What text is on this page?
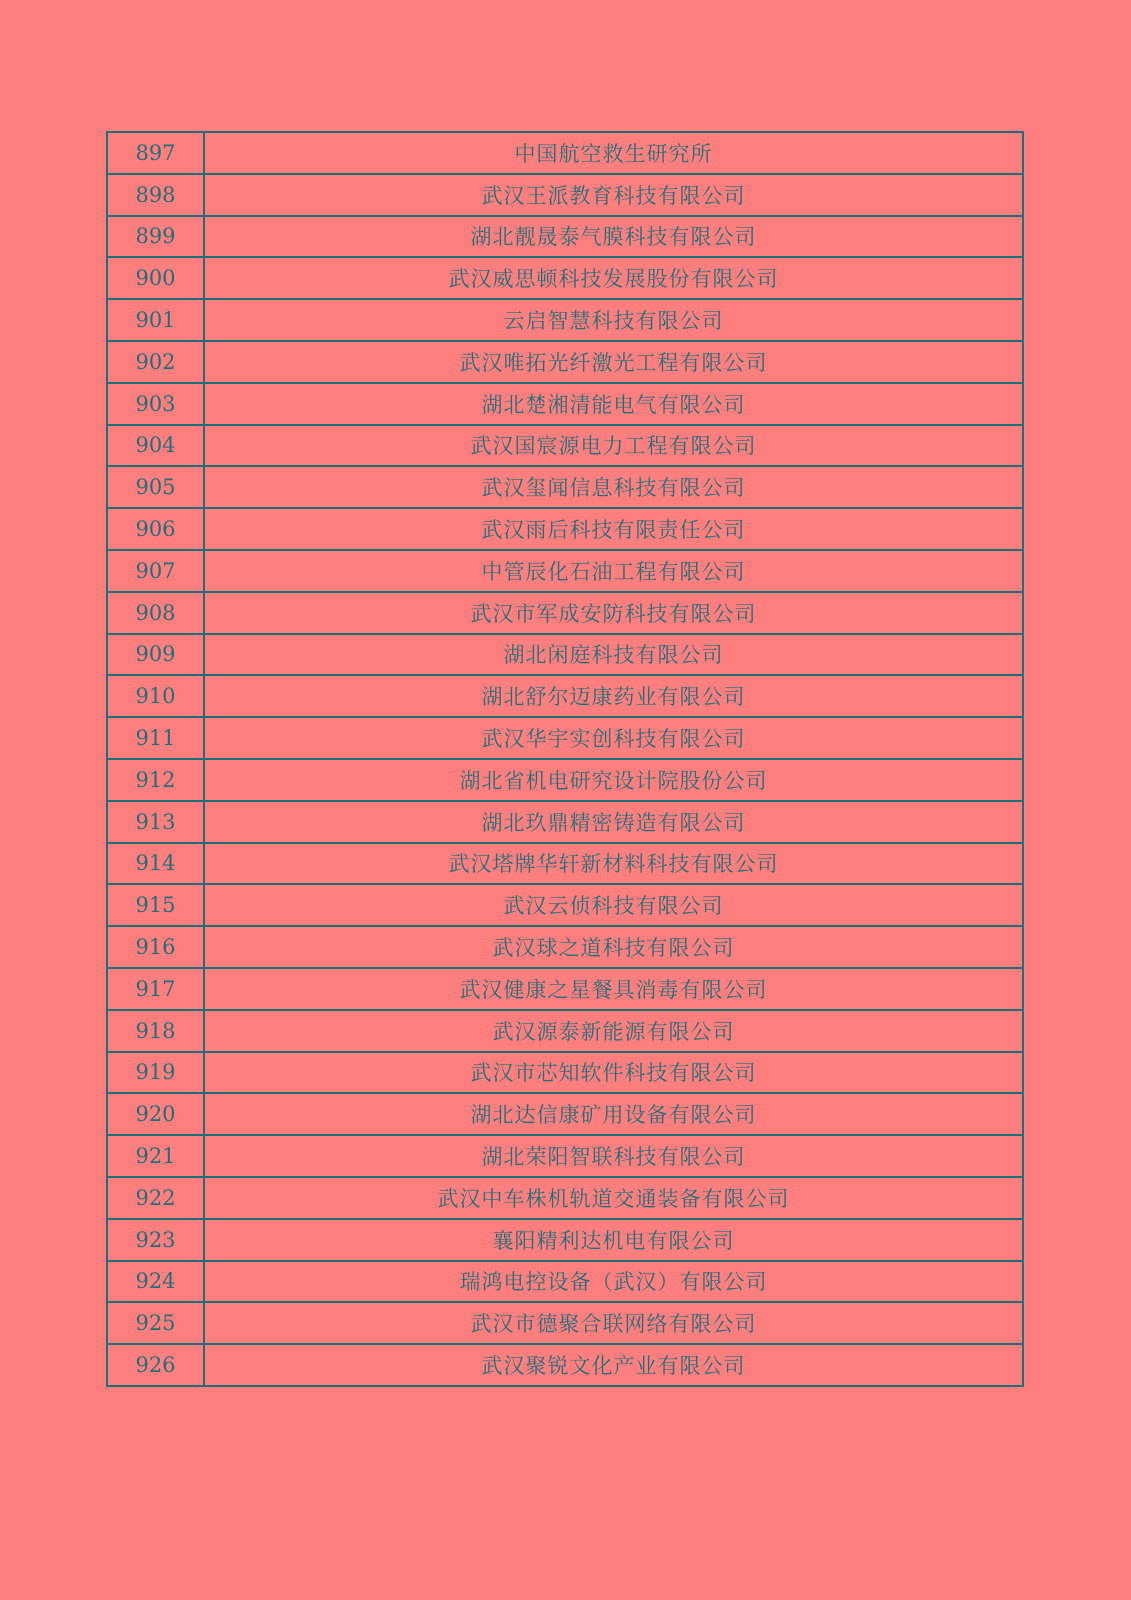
897	中国航空救生研究所
898	武汉王派教育科技有限公司
899	湖北靓晟泰气膜科技有限公司
900	武汉威思顿科技发展股份有限公司
901	云启智慧科技有限公司
902	武汉唯拓光纤激光工程有限公司
903	湖北楚湘清能电气有限公司
904	武汉国宸源电力工程有限公司
905	武汉玺闻信息科技有限公司
906	武汉雨后科技有限责任公司
907	中管辰化石油工程有限公司
908	武汉市军成安防科技有限公司
909	湖北闲庭科技有限公司
910	湖北舒尔迈康药业有限公司
911	武汉华宇实创科技有限公司
912	湖北省机电研究设计院股份公司
913	湖北玖鼎精密铸造有限公司
914	武汉塔牌华轩新材料科技有限公司
915	武汉云侦科技有限公司
916	武汉球之道科技有限公司
917	武汉健康之星餐具消毒有限公司
918	武汉源泰新能源有限公司
919	武汉市芯知软件科技有限公司
920	湖北达信康矿用设备有限公司
921	湖北荣阳智联科技有限公司
922	武汉中车株机轨道交通装备有限公司
923	襄阳精利达机电有限公司
924	瑞鸿电控设备（武汉）有限公司
925	武汉市德聚合联网络有限公司
926	武汉聚锐文化产业有限公司
